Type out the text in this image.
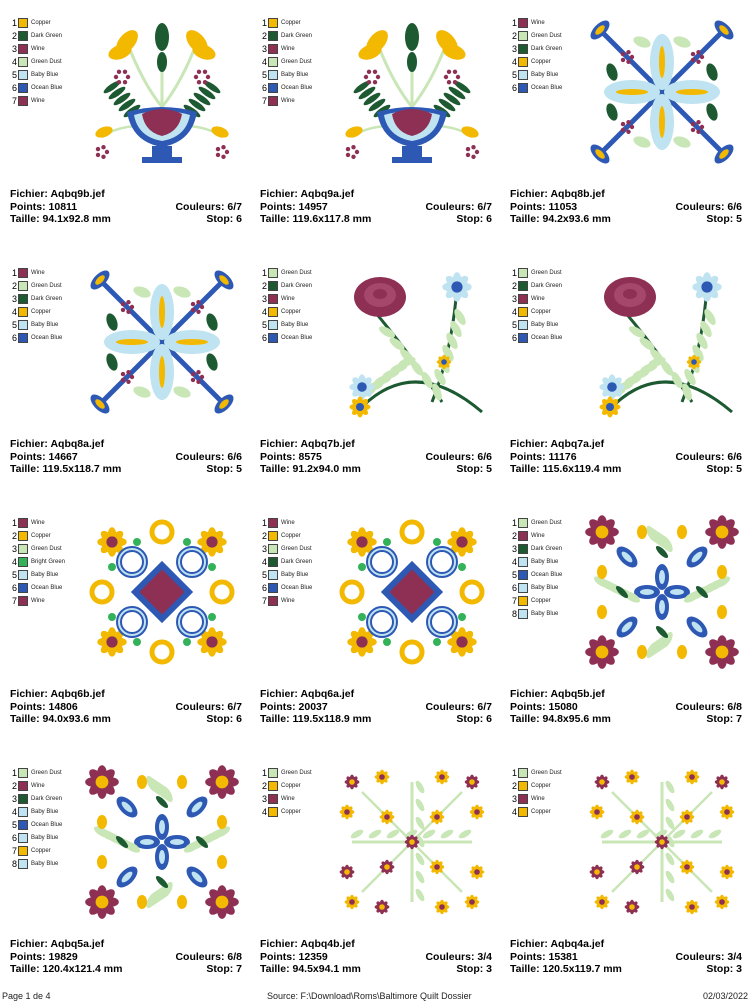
1 Copper
2 Dark Green
3 Wine
4 Green Dust
5 Baby Blue
6 Ocean Blue
7 Wine
Fichier: Aqbq9b.jef
Points: 10811	Couleurs: 6/7
Taille: 94.1x92.8 mm	Stop: 6
1 Copper
2 Dark Green
3 Wine
4 Green Dust
5 Baby Blue
6 Ocean Blue
7 Wine
Fichier: Aqbq9a.jef
Points: 14957	Couleurs: 6/7
Taille: 119.6x117.8 mm	Stop: 6
1 Wine
2 Green Dust
3 Dark Green
4 Copper
5 Baby Blue
6 Ocean Blue
Fichier: Aqbq8b.jef
Points: 11053	Couleurs: 6/6
Taille: 94.2x93.6 mm	Stop: 5
1 Wine
2 Green Dust
3 Dark Green
4 Copper
5 Baby Blue
6 Ocean Blue
Fichier: Aqbq8a.jef
Points: 14667	Couleurs: 6/6
Taille: 119.5x118.7 mm	Stop: 5
1 Green Dust
2 Dark Green
3 Wine
4 Copper
5 Baby Blue
6 Ocean Blue
Fichier: Aqbq7b.jef
Points: 8575	Couleurs: 6/6
Taille: 91.2x94.0 mm	Stop: 5
1 Green Dust
2 Dark Green
3 Wine
4 Copper
5 Baby Blue
6 Ocean Blue
Fichier: Aqbq7a.jef
Points: 11176	Couleurs: 6/6
Taille: 115.6x119.4 mm	Stop: 5
1 Wine
2 Copper
3 Green Dust
4 Bright Green
5 Baby Blue
6 Ocean Blue
7 Wine
Fichier: Aqbq6b.jef
Points: 14806	Couleurs: 6/7
Taille: 94.0x93.6 mm	Stop: 6
1 Wine
2 Copper
3 Green Dust
4 Dark Green
5 Baby Blue
6 Ocean Blue
7 Wine
Fichier: Aqbq6a.jef
Points: 20037	Couleurs: 6/7
Taille: 119.5x118.9 mm	Stop: 6
1 Green Dust
2 Wine
3 Dark Green
4 Baby Blue
5 Ocean Blue
6 Baby Blue
7 Copper
8 Baby Blue
Fichier: Aqbq5b.jef
Points: 15080	Couleurs: 6/8
Taille: 94.8x95.6 mm	Stop: 7
1 Green Dust
2 Wine
3 Dark Green
4 Baby Blue
5 Ocean Blue
6 Baby Blue
7 Copper
8 Baby Blue
Fichier: Aqbq5a.jef
Points: 19829	Couleurs: 6/8
Taille: 120.4x121.4 mm	Stop: 7
1 Green Dust
2 Copper
3 Wine
4 Copper
Fichier: Aqbq4b.jef
Points: 12359	Couleurs: 3/4
Taille: 94.5x94.1 mm	Stop: 3
1 Green Dust
2 Copper
3 Wine
4 Copper
Fichier: Aqbq4a.jef
Points: 15381	Couleurs: 3/4
Taille: 120.5x119.7 mm	Stop: 3
Page 1 de 4	Source: F:\Download\Roms\Baltimore Quilt Dossier	02/03/2022
